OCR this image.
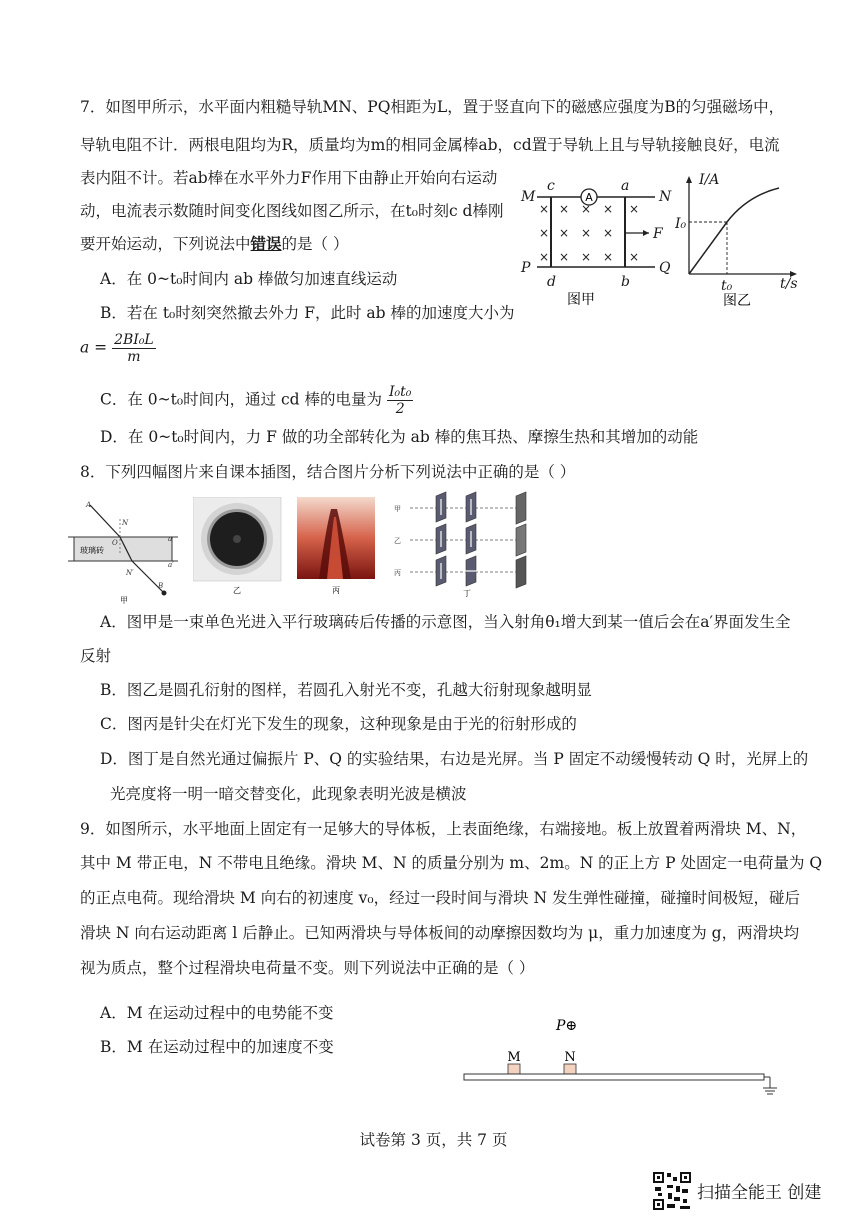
7．如图甲所示，水平面内粗糙导轨MN、PQ相距为L，置于竖直向下的磁感应强度为B的匀强磁场中，
导轨电阻不计．两根电阻均为R，质量均为m的相同金属棒ab，cd置于导轨上且与导轨接触良好，电流
表内阻不计。若ab棒在水平外力F作用下由静止开始向右运动
动，电流表示数随时间变化图线如图乙所示，在t₀时刻c d棒刚
要开始运动，下列说法中错误的是（ ）
A．在 0~t₀时间内 ab 棒做匀加速直线运动
B．若在 t₀时刻突然撤去外力 F，此时 ab 棒的加速度大小为
$a = \frac{\text{2BI₀L}}{m}$
C．在 0~t₀时间内，通过 cd 棒的电量为 $\frac{\text{I₀t₀}}{2}$
D．在 0~t₀时间内，力 F 做的功全部转化为 ab 棒的焦耳热、摩擦生热和其增加的动能
A
× × × × ×
× × × ×
× × × × ×
M	N
P	Q
c	a
d	b
F
图甲
I/A
t/s
I₀
t₀
图乙
8．下列四幅图片来自课本插图，结合图片分析下列说法中正确的是（ ）
A
N
O	a
a′
B
N′
玻璃砖
甲
乙	丙
甲
乙
丙
丁
A．图甲是一束单色光进入平行玻璃砖后传播的示意图，当入射角θ₁增大到某一值后会在a′界面发生全
反射
B．图乙是圆孔衍射的图样，若圆孔入射光不变，孔越大衍射现象越明显
C．图丙是针尖在灯光下发生的现象，这种现象是由于光的衍射形成的
D．图丁是自然光通过偏振片 P、Q 的实验结果，右边是光屏。当 P 固定不动缓慢转动 Q 时，光屏上的
光亮度将一明一暗交替变化，此现象表明光波是横波
9．如图所示，水平地面上固定有一足够大的导体板，上表面绝缘，右端接地。板上放置着两滑块 M、N，
其中 M 带正电，N 不带电且绝缘。滑块 M、N 的质量分别为 m、2m。N 的正上方 P 处固定一电荷量为 Q
的正点电荷。现给滑块 M 向右的初速度 v₀，经过一段时间与滑块 N 发生弹性碰撞，碰撞时间极短，碰后
滑块 N 向右运动距离 l 后静止。已知两滑块与导体板间的动摩擦因数均为 μ，重力加速度为 g，两滑块均
视为质点，整个过程滑块电荷量不变。则下列说法中正确的是（ ）
A．M 在运动过程中的电势能不变
B．M 在运动过程中的加速度不变
P⊕
M	N
试卷第 3 页，共 7 页
扫描全能王 创建
